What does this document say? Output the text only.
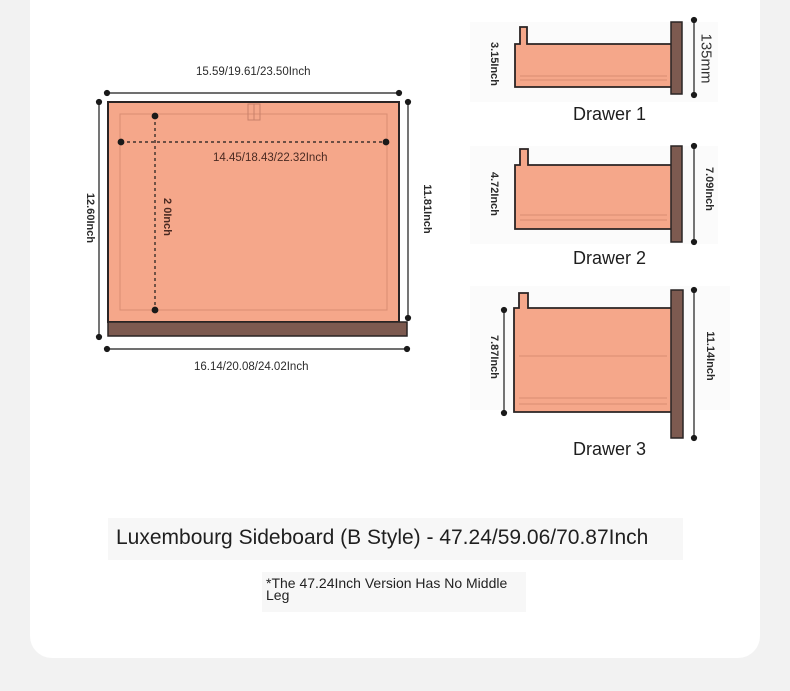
15.59/19.61/23.50Inch
14.45/18.43/22.32Inch
16.14/20.08/24.02Inch
12.60Inch	11.81Inch
2 0Inch
3.15Inch	135mm
Drawer 1
4.72Inch	7.09Inch
Drawer 2
7.87Inch	11.14Inch
Drawer 3
Luxembourg Sideboard (B Style) - 47.24/59.06/70.87Inch
*The 47.24Inch Version Has No Middle Leg
